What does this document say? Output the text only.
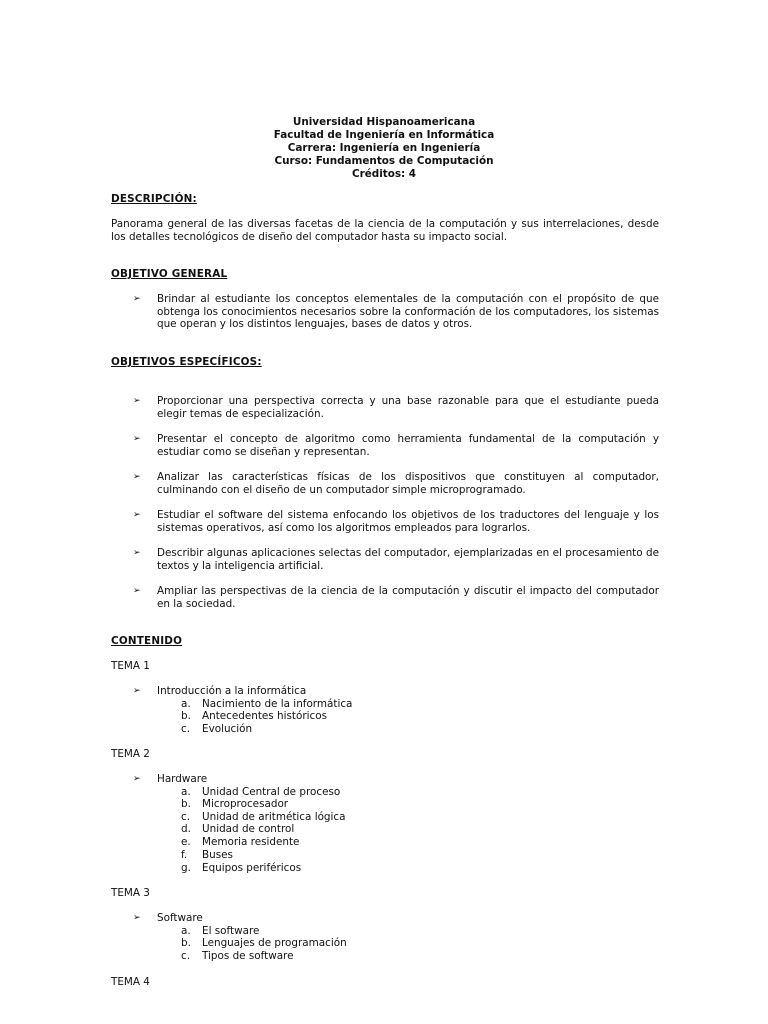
Universidad Hispanoamericana
Facultad de Ingeniería en Informática
Carrera: Ingeniería en Ingeniería
Curso: Fundamentos de Computación
Créditos: 4
DESCRIPCIÓN:
Panorama general de las diversas facetas de la ciencia de la computación y sus interrelaciones, desde los detalles tecnológicos de diseño del computador hasta su impacto social.
OBJETIVO GENERAL
➢	Brindar al estudiante los conceptos elementales de la computación con el propósito de que obtenga los conocimientos necesarios sobre la conformación de los computadores, los sistemas que operan y los distintos lenguajes, bases de datos y otros.
OBJETIVOS ESPECÍFICOS:
➢	Proporcionar una perspectiva correcta y una base razonable para que el estudiante pueda elegir temas de especialización.
➢	Presentar el concepto de algoritmo como herramienta fundamental de la computación y estudiar como se diseñan y representan.
➢	Analizar las características físicas de los dispositivos que constituyen al computador, culminando con el diseño de un computador simple microprogramado.
➢	Estudiar el software del sistema enfocando los objetivos de los traductores del lenguaje y los sistemas operativos, así como los algoritmos empleados para lograrlos.
➢	Describir algunas aplicaciones selectas del computador, ejemplarizadas en el procesamiento de textos y la inteligencia artificial.
➢	Ampliar las perspectivas de la ciencia de la computación y discutir el impacto del computador en la sociedad.
CONTENIDO
TEMA 1
➢	Introducción a la informática
a.	Nacimiento de la informática
b.	Antecedentes históricos
c.	Evolución
TEMA 2
➢	Hardware
a.	Unidad Central de proceso
b.	Microprocesador
c.	Unidad de aritmética lógica
d.	Unidad de control
e.	Memoria residente
f.	Buses
g.	Equipos periféricos
TEMA 3
➢	Software
a.	El software
b.	Lenguajes de programación
c.	Tipos de software
TEMA 4
